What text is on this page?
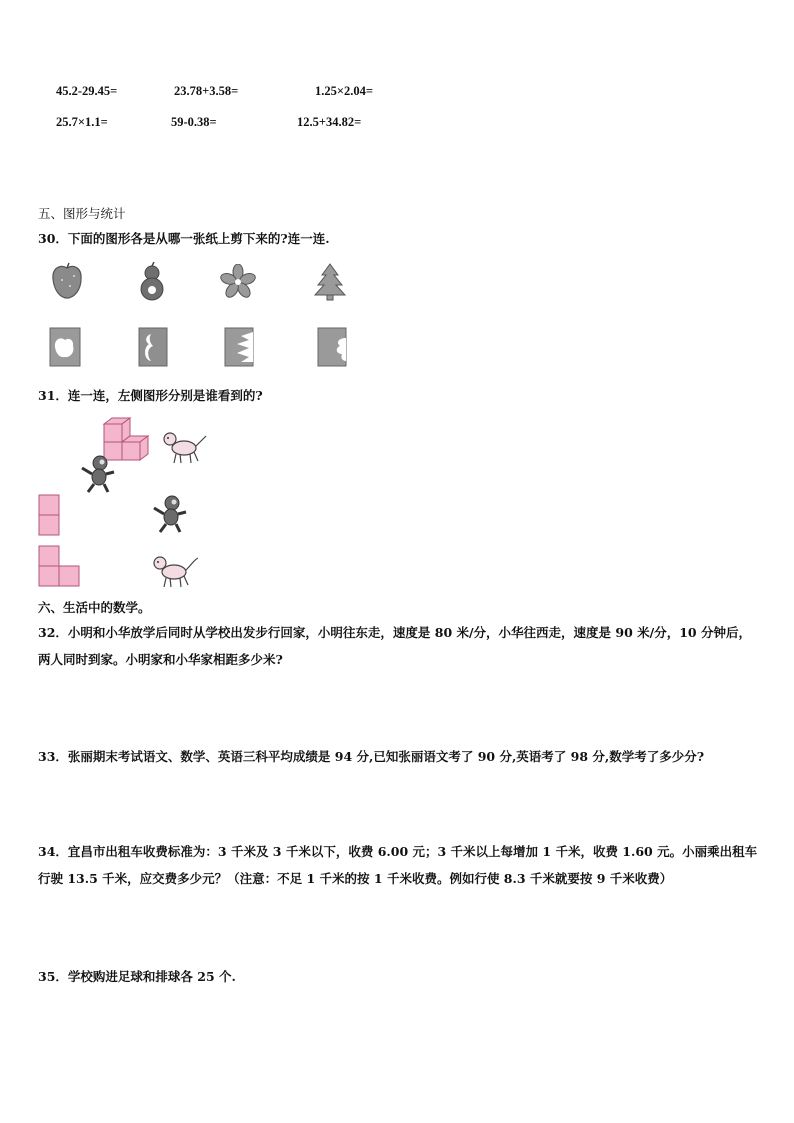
45.2-29.45=	23.78+3.58=	1.25×2.04=
25.7×1.1=	59-0.38=	12.5+34.82=
五、图形与统计
30．下面的图形各是从哪一张纸上剪下来的?连一连.
31．连一连，左侧图形分别是谁看到的?
六、生活中的数学。
32．小明和小华放学后同时从学校出发步行回家，小明往东走，速度是 80 米/分，小华往西走，速度是 90 米/分，10 分钟后，两人同时到家。小明家和小华家相距多少米?
33．张丽期末考试语文、数学、英语三科平均成绩是 94 分,已知张丽语文考了 90 分,英语考了 98 分,数学考了多少分?
34．宜昌市出租车收费标准为：3 千米及 3 千米以下，收费 6.00 元；3 千米以上每增加 1 千米，收费 1.60 元。小丽乘出租车行驶 13.5 千米，应交费多少元？（注意：不足 1 千米的按 1 千米收费。例如行使 8.3 千米就要按 9 千米收费）
35．学校购进足球和排球各 25 个.
